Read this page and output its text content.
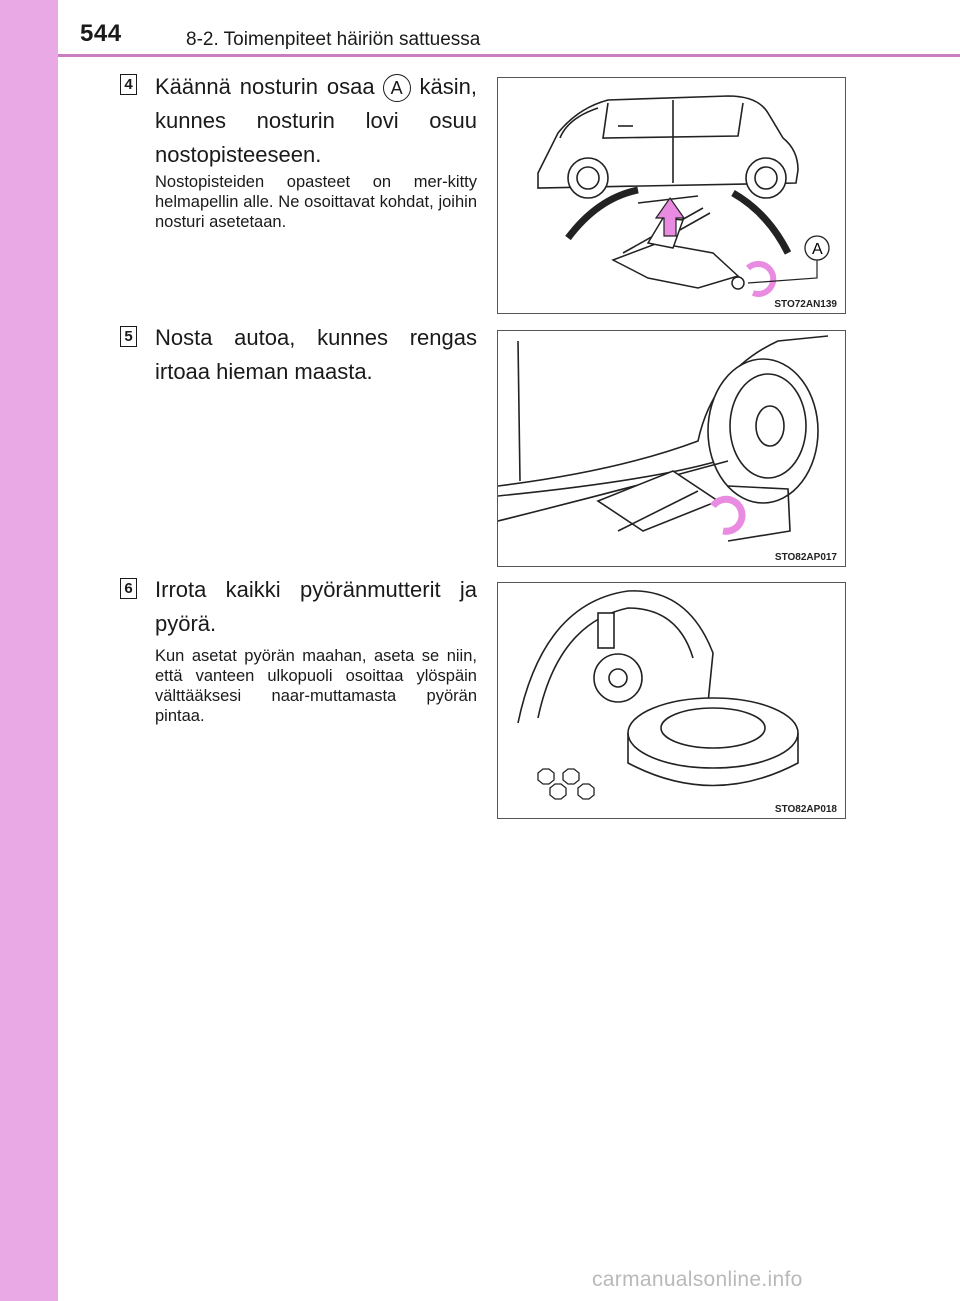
544	8-2. Toimenpiteet häiriön sattuessa
4 Käännä nosturin osaa A käsin, kunnes nosturin lovi osuu nostopisteeseen.

Nostopisteiden opasteet on mer-kitty helmapellin alle. Ne osoittavat kohdat, joihin nosturi asetetaan.

A
STO72AN139
5 Nosta autoa, kunnes rengas irtoaa hieman maasta.

STO82AP017
6 Irrota kaikki pyöränmutterit ja pyörä.

Kun asetat pyörän maahan, aseta se niin, että vanteen ulkopuoli osoittaa ylöspäin välttääksesi naar-muttamasta pyörän pintaa.

STO82AP018
carmanualsonline.info
